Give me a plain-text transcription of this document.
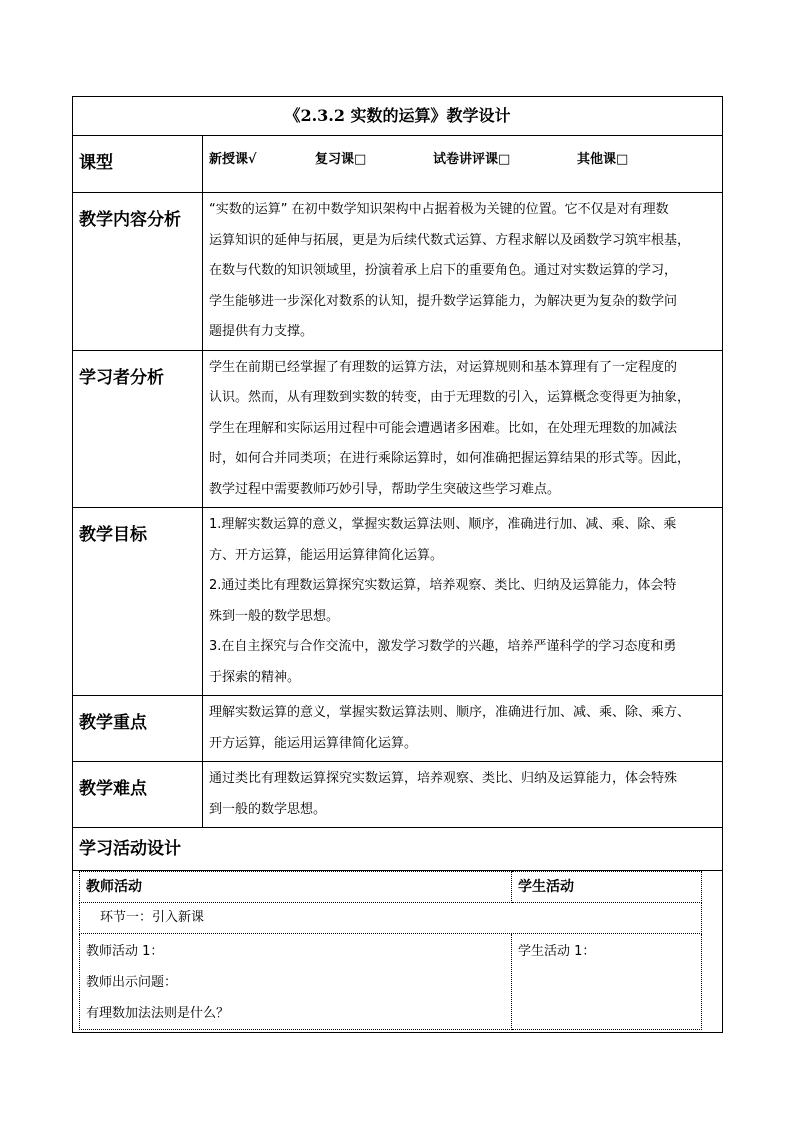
《2.3.2 实数的运算》教学设计
课型	新授课√	复习课□	试卷讲评课□	其他课□

教学内容分析	
“实数的运算” 在初中数学知识架构中占据着极为关键的位置。它不仅是对有理数
运算知识的延伸与拓展，更是为后续代数式运算、方程求解以及函数学习筑牢根基，
在数与代数的知识领域里，扮演着承上启下的重要角色。通过对实数运算的学习，
学生能够进一步深化对数系的认知，提升数学运算能力，为解决更为复杂的数学问
题提供有力支撑。

学习者分析	
学生在前期已经掌握了有理数的运算方法，对运算规则和基本算理有了一定程度的
认识。然而，从有理数到实数的转变，由于无理数的引入，运算概念变得更为抽象，
学生在理解和实际运用过程中可能会遭遇诸多困难。比如，在处理无理数的加减法
时，如何合并同类项；在进行乘除运算时，如何准确把握运算结果的形式等。因此，
教学过程中需要教师巧妙引导，帮助学生突破这些学习难点。

教学目标	
1.理解实数运算的意义，掌握实数运算法则、顺序，准确进行加、减、乘、除、乘
方、开方运算，能运用运算律简化运算。
2.通过类比有理数运算探究实数运算，培养观察、类比、归纳及运算能力，体会特
殊到一般的数学思想。
3.在自主探究与合作交流中，激发学习数学的兴趣，培养严谨科学的学习态度和勇
于探索的精神。

教学重点	
理解实数运算的意义，掌握实数运算法则、顺序，准确进行加、减、乘、除、乘方、
开方运算，能运用运算律简化运算。

教学难点	
通过类比有理数运算探究实数运算，培养观察、类比、归纳及运算能力，体会特殊
到一般的数学思想。

学习活动设计

教师活动	学生活动
环节一：引入新课

教师活动 1：
教师出示问题：
有理数加法法则是什么？

学生活动 1：
